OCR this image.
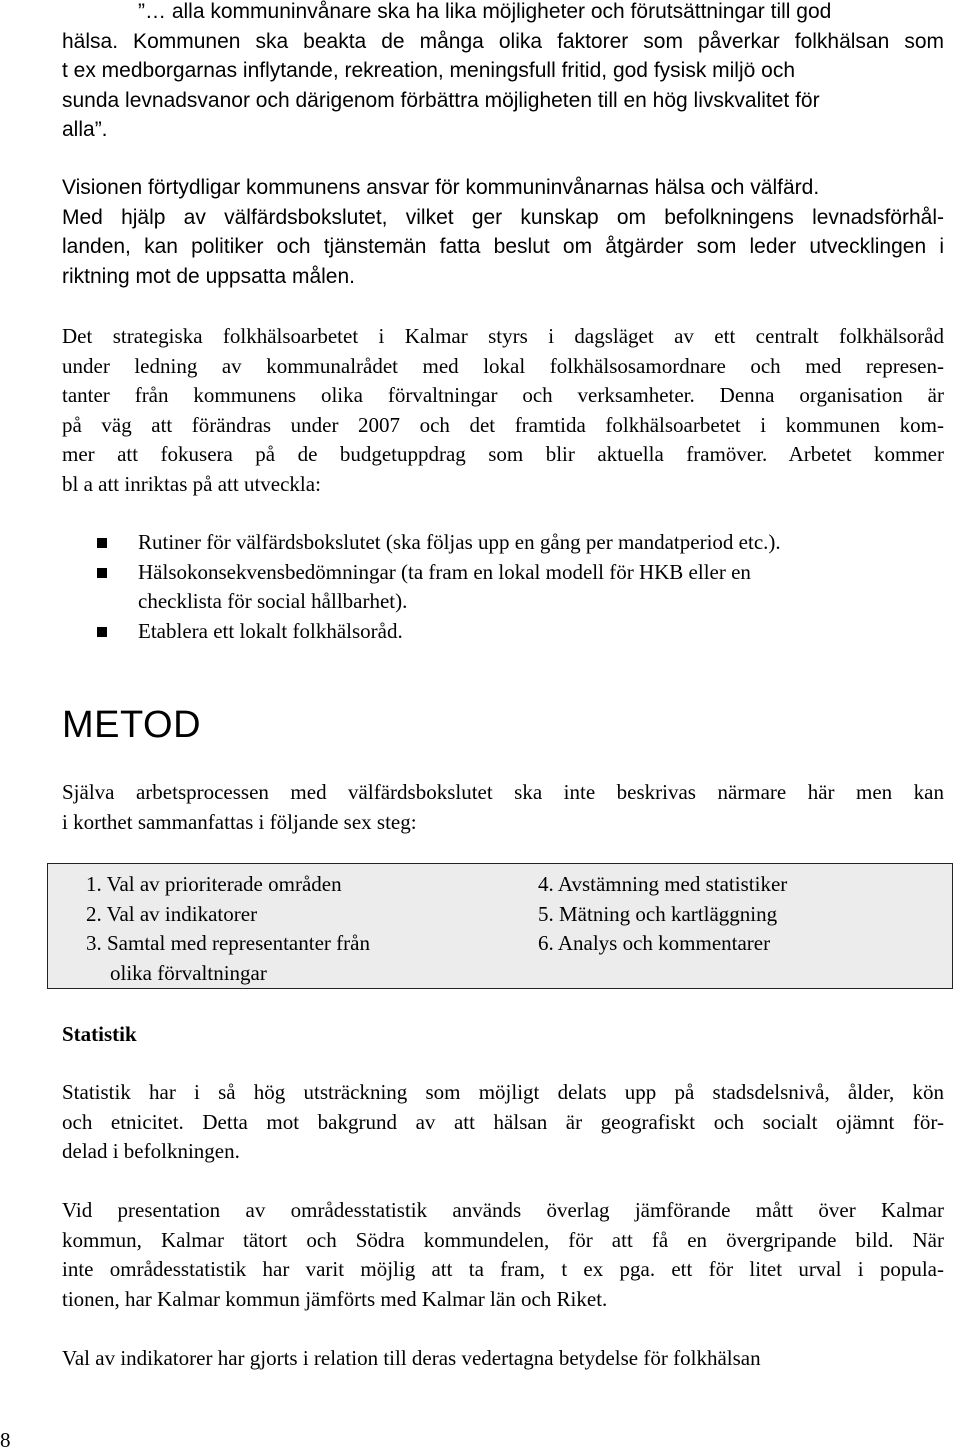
”… alla kommuninvånare ska ha lika möjligheter och förutsättningar till god
hälsa. Kommunen ska beakta de många olika faktorer som påverkar folkhälsan som
t ex medborgarnas inflytande, rekreation, meningsfull fritid, god fysisk miljö och
sunda levnadsvanor och därigenom förbättra möjligheten till en hög livskvalitet för
alla”.

Visionen förtydligar kommunens ansvar för kommuninvånarnas hälsa och välfärd.
Med hjälp av välfärdsbokslutet, vilket ger kunskap om befolkningens levnadsförhål-
landen, kan politiker och tjänstemän fatta beslut om åtgärder som leder utvecklingen i
riktning mot de uppsatta målen.

Det strategiska folkhälsoarbetet i Kalmar styrs i dagsläget av ett centralt folkhälsoråd
under ledning av kommunalrådet med lokal folkhälsosamordnare och med represen-
tanter från kommunens olika förvaltningar och verksamheter. Denna organisation är
på väg att förändras under 2007 och det framtida folkhälsoarbetet i kommunen kom-
mer att fokusera på de budgetuppdrag som blir aktuella framöver. Arbetet kommer
bl a att inriktas på att utveckla:

Rutiner för välfärdsbokslutet (ska följas upp en gång per mandatperiod etc.).
Hälsokonsekvensbedömningar (ta fram en lokal modell för HKB eller en
checklista för social hållbarhet).
Etablera ett lokalt folkhälsoråd.
METOD

Själva arbetsprocessen med välfärdsbokslutet ska inte beskrivas närmare här men kan
i korthet sammanfattas i följande sex steg:

1. Val av prioriterade områden
2. Val av indikatorer
3. Samtal med representanter från
olika förvaltningar
4. Avstämning med statistiker
5. Mätning och kartläggning
6. Analys och kommentarer
Statistik

Statistik har i så hög utsträckning som möjligt delats upp på stadsdelsnivå, ålder, kön
och etnicitet. Detta mot bakgrund av att hälsan är geografiskt och socialt ojämnt för-
delad i befolkningen.

Vid presentation av områdesstatistik används överlag jämförande mått över Kalmar
kommun, Kalmar tätort och Södra kommundelen, för att få en övergripande bild. När
inte områdesstatistik har varit möjlig att ta fram, t ex pga. ett för litet urval i popula-
tionen, har Kalmar kommun jämförts med Kalmar län och Riket.

Val av indikatorer har gjorts i relation till deras vedertagna betydelse för folkhälsan

8
